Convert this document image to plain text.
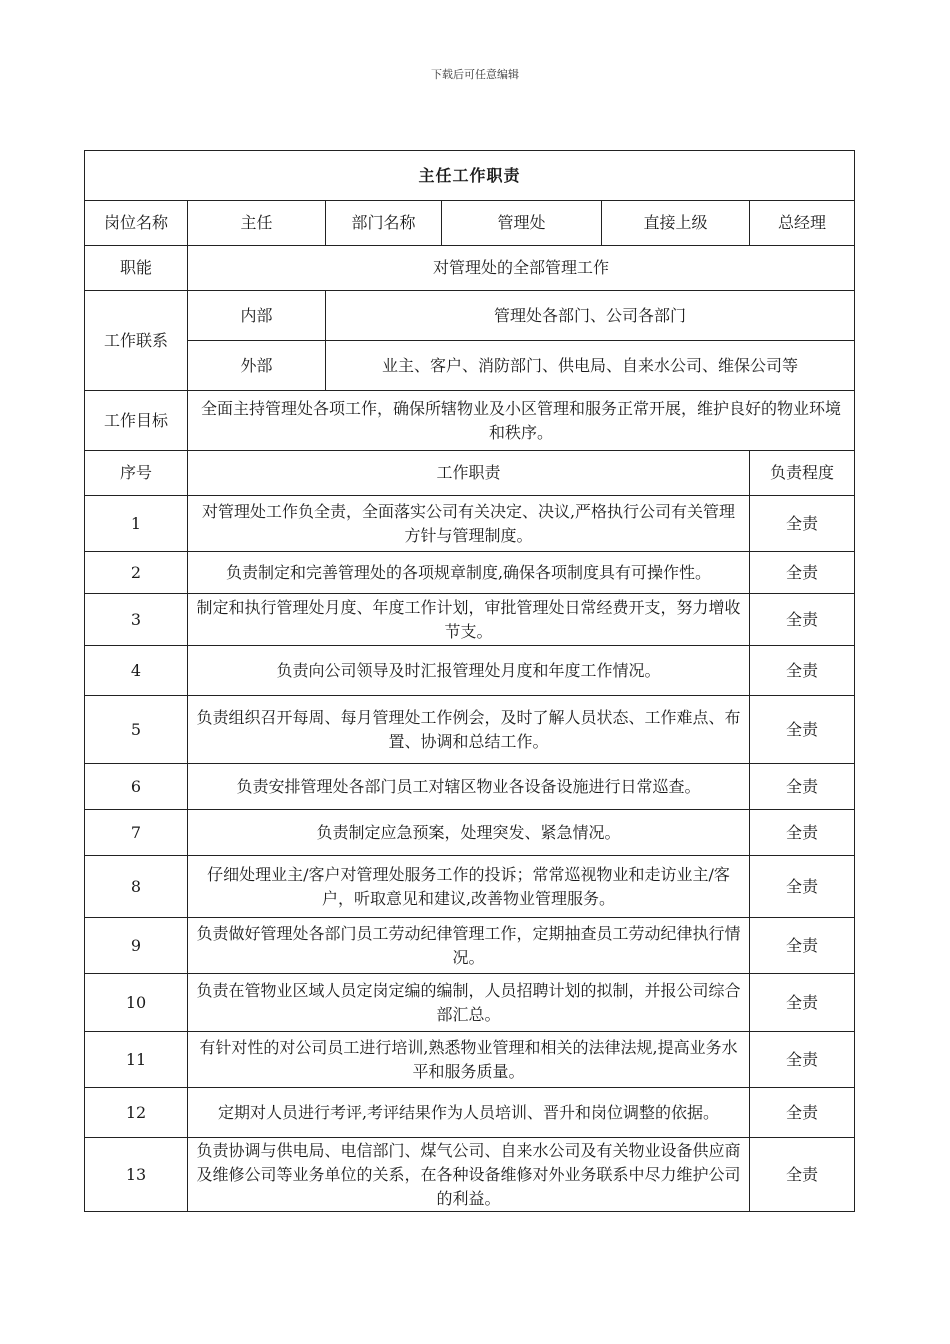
下载后可任意编辑
主任工作职责					
岗位名称	主任	部门名称	管理处	直接上级	总经理
职能	对管理处的全部管理工作				
工作联系	内部	管理处各部门、公司各部门			
	外部	业主、客户、消防部门、供电局、自来水公司、维保公司等			
工作目标	全面主持管理处各项工作，确保所辖物业及小区管理和服务正常开展，维护良好的物业环境和秩序。				
序号	工作职责				负责程度
1	对管理处工作负全责，全面落实公司有关决定、决议,严格执行公司有关管理方针与管理制度。				全责
2	负责制定和完善管理处的各项规章制度,确保各项制度具有可操作性。				全责
3	制定和执行管理处月度、年度工作计划，审批管理处日常经费开支，努力增收节支。				全责
4	负责向公司领导及时汇报管理处月度和年度工作情况。				全责
5	负责组织召开每周、每月管理处工作例会，及时了解人员状态、工作难点、布置、协调和总结工作。				全责
6	负责安排管理处各部门员工对辖区物业各设备设施进行日常巡查。				全责
7	负责制定应急预案，处理突发、紧急情况。				全责
8	仔细处理业主/客户对管理处服务工作的投诉；常常巡视物业和走访业主/客户，听取意见和建议,改善物业管理服务。				全责
9	负责做好管理处各部门员工劳动纪律管理工作，定期抽查员工劳动纪律执行情况。				全责
10	负责在管物业区域人员定岗定编的编制，人员招聘计划的拟制，并报公司综合部汇总。				全责
11	有针对性的对公司员工进行培训,熟悉物业管理和相关的法律法规,提高业务水平和服务质量。				全责
12	定期对人员进行考评,考评结果作为人员培训、晋升和岗位调整的依据。				全责
13	负责协调与供电局、电信部门、煤气公司、自来水公司及有关物业设备供应商及维修公司等业务单位的关系，在各种设备维修对外业务联系中尽力维护公司的利益。				全责
